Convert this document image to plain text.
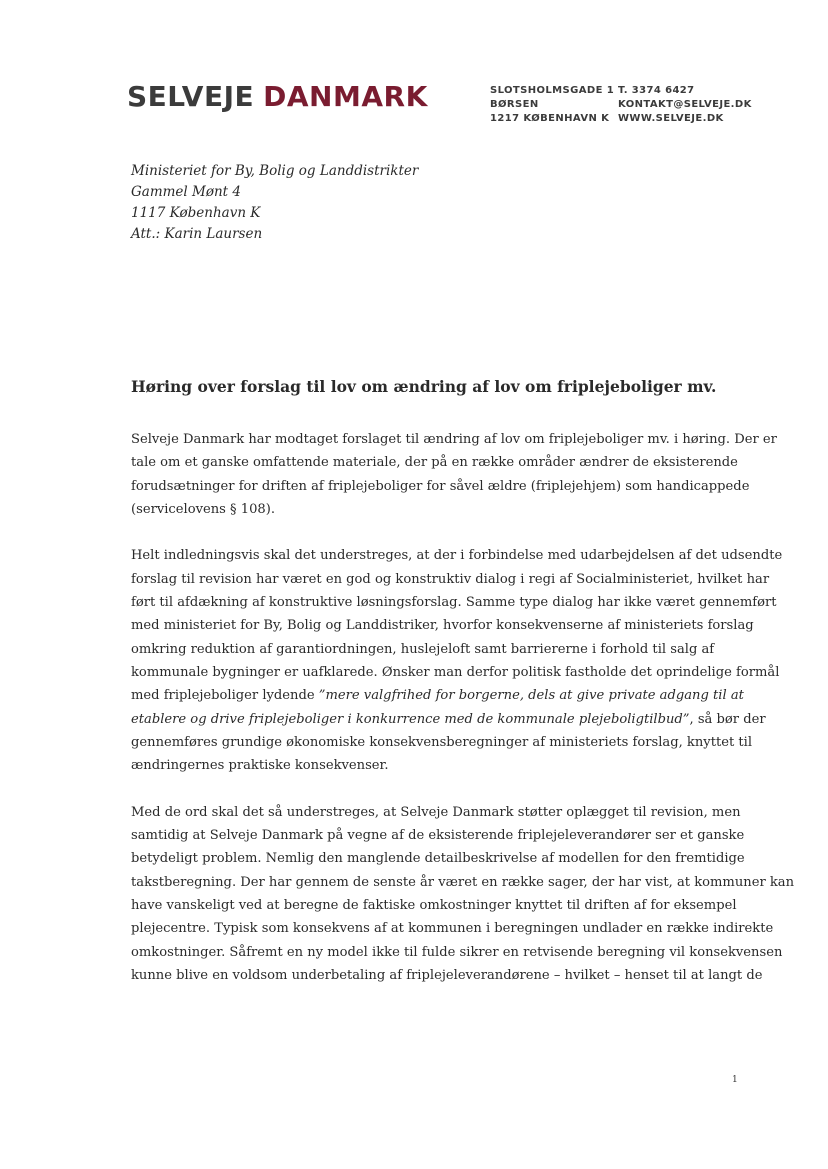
SELVEJE DANMARK	SLOTSHOLMSGADE 1
BØRSEN
1217 KØBENHAVN K
T. 3374 6427
KONTAKT@SELVEJE.DK
WWW.SELVEJE.DK
Ministeriet for By, Bolig og Landdistrikter
Gammel Mønt 4
1117 København K
Att.: Karin Laursen
Høring over forslag til lov om ændring af lov om friplejeboliger mv.
Selveje Danmark har modtaget forslaget til ændring af lov om friplejeboliger mv. i høring. Der er
tale om et ganske omfattende materiale, der på en række områder ændrer de eksisterende
forudsætninger for driften af friplejeboliger for såvel ældre (friplejehjem) som handicappede
(servicelovens § 108).
Helt indledningsvis skal det understreges, at der i forbindelse med udarbejdelsen af det udsendte
forslag til revision har været en god og konstruktiv dialog i regi af Socialministeriet, hvilket har
ført til afdækning af konstruktive løsningsforslag. Samme type dialog har ikke været gennemført
med ministeriet for By, Bolig og Landdistriker, hvorfor konsekvenserne af ministeriets forslag
omkring reduktion af garantiordningen, huslejeloft samt barriererne i forhold til salg af
kommunale bygninger er uafklarede. Ønsker man derfor politisk fastholde det oprindelige formål
med friplejeboliger lydende ”mere valgfrihed for borgerne, dels at give private adgang til at
etablere og drive friplejeboliger i konkurrence med de kommunale plejeboligtilbud”, så bør der
gennemføres grundige økonomiske konsekvensberegninger af ministeriets forslag, knyttet til
ændringernes praktiske konsekvenser.
Med de ord skal det så understreges, at Selveje Danmark støtter oplægget til revision, men
samtidig at Selveje Danmark på vegne af de eksisterende friplejeleverandører ser et ganske
betydeligt problem. Nemlig den manglende detailbeskrivelse af modellen for den fremtidige
takstberegning. Der har gennem de senste år været en række sager, der har vist, at kommuner kan
have vanskeligt ved at beregne de faktiske omkostninger knyttet til driften af for eksempel
plejecentre. Typisk som konsekvens af at kommunen i beregningen undlader en række indirekte
omkostninger. Såfremt en ny model ikke til fulde sikrer en retvisende beregning vil konsekvensen
kunne blive en voldsom underbetaling af friplejeleverandørene – hvilket – henset til at langt de
1
